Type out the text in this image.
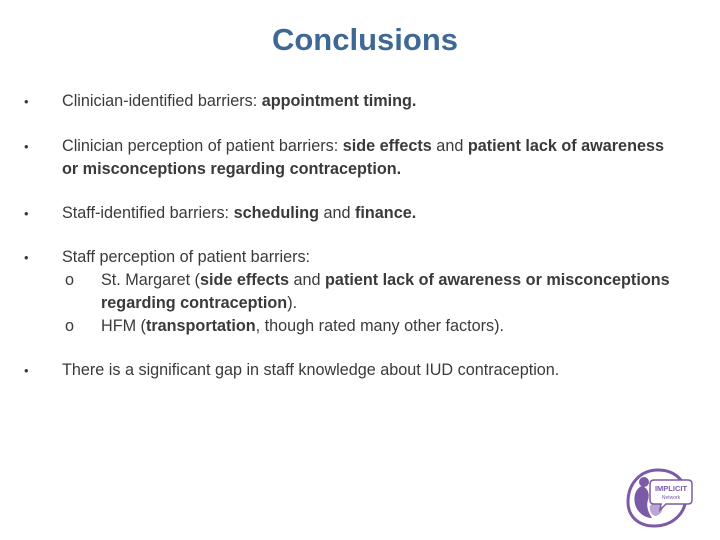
Conclusions
•	Clinician-identified barriers: appointment timing.
•	Clinician perception of patient barriers: side effects and patient lack of awareness or misconceptions regarding contraception.
•	Staff-identified barriers: scheduling and finance.
•	Staff perception of patient barriers:
o	St. Margaret (side effects and patient lack of awareness or misconceptions regarding contraception).
o	HFM (transportation, though rated many other factors).
•	There is a significant gap in staff knowledge about IUD contraception.
IMPLICIT
Network
